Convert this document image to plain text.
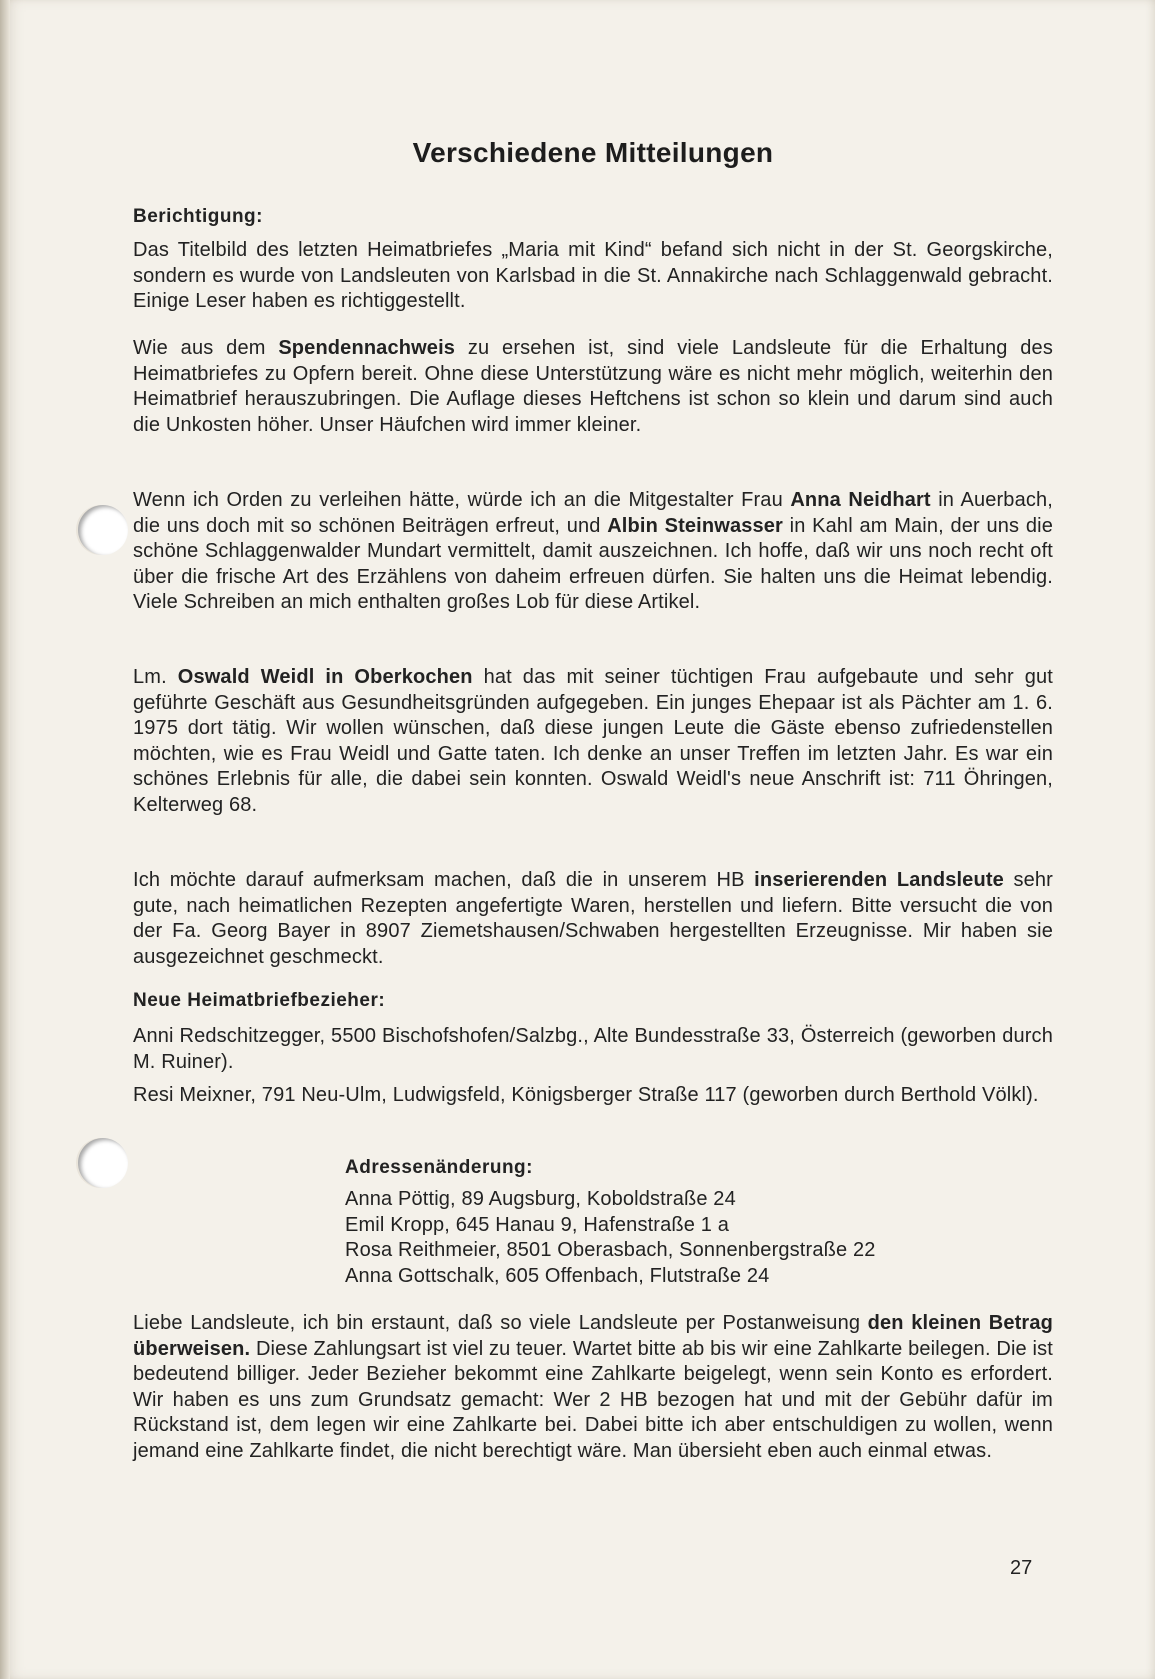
Verschiedene Mitteilungen
Berichtigung:

Das Titelbild des letzten Heimatbriefes „Maria mit Kind“ befand sich nicht in der St. Georgskirche, sondern es wurde von Landsleuten von Karlsbad in die St. Annakirche nach Schlaggenwald gebracht. Einige Leser haben es richtiggestellt.

Wie aus dem Spendennachweis zu ersehen ist, sind viele Landsleute für die Erhaltung des Heimatbriefes zu Opfern bereit. Ohne diese Unterstützung wäre es nicht mehr möglich, weiterhin den Heimatbrief herauszubringen. Die Auflage dieses Heftchens ist schon so klein und darum sind auch die Unkosten höher. Unser Häufchen wird immer kleiner.

Wenn ich Orden zu verleihen hätte, würde ich an die Mitgestalter Frau Anna Neidhart in Auerbach, die uns doch mit so schönen Beiträgen erfreut, und Albin Steinwasser in Kahl am Main, der uns die schöne Schlaggenwalder Mundart vermittelt, damit auszeichnen. Ich hoffe, daß wir uns noch recht oft über die frische Art des Erzählens von daheim erfreuen dürfen. Sie halten uns die Heimat lebendig. Viele Schreiben an mich enthalten großes Lob für diese Artikel.

Lm. Oswald Weidl in Oberkochen hat das mit seiner tüchtigen Frau aufgebaute und sehr gut geführte Geschäft aus Gesundheitsgründen aufgegeben. Ein junges Ehepaar ist als Pächter am 1. 6. 1975 dort tätig. Wir wollen wünschen, daß diese jungen Leute die Gäste ebenso zufriedenstellen möchten, wie es Frau Weidl und Gatte taten. Ich denke an unser Treffen im letzten Jahr. Es war ein schönes Erlebnis für alle, die dabei sein konnten. Oswald Weidl's neue Anschrift ist: 711 Öhringen, Kelterweg 68.

Ich möchte darauf aufmerksam machen, daß die in unserem HB inserierenden Landsleute sehr gute, nach heimatlichen Rezepten angefertigte Waren, herstellen und liefern. Bitte versucht die von der Fa. Georg Bayer in 8907 Ziemetshausen/Schwaben hergestellten Erzeugnisse. Mir haben sie ausgezeichnet geschmeckt.

Neue Heimatbriefbezieher:

Anni Redschitzegger, 5500 Bischofshofen/Salzbg., Alte Bundesstraße 33, Österreich (geworben durch M. Ruiner).

Resi Meixner, 791 Neu-Ulm, Ludwigsfeld, Königsberger Straße 117 (geworben durch Berthold Völkl).

Adressenänderung:
Anna Pöttig, 89 Augsburg, Koboldstraße 24
Emil Kropp, 645 Hanau 9, Hafenstraße 1 a
Rosa Reithmeier, 8501 Oberasbach, Sonnenbergstraße 22
Anna Gottschalk, 605 Offenbach, Flutstraße 24

Liebe Landsleute, ich bin erstaunt, daß so viele Landsleute per Postanweisung den kleinen Betrag überweisen. Diese Zahlungsart ist viel zu teuer. Wartet bitte ab bis wir eine Zahlkarte beilegen. Die ist bedeutend billiger. Jeder Bezieher bekommt eine Zahlkarte beigelegt, wenn sein Konto es erfordert. Wir haben es uns zum Grundsatz gemacht: Wer 2 HB bezogen hat und mit der Gebühr dafür im Rückstand ist, dem legen wir eine Zahlkarte bei. Dabei bitte ich aber entschuldigen zu wollen, wenn jemand eine Zahlkarte findet, die nicht berechtigt wäre. Man übersieht eben auch einmal etwas.

27
